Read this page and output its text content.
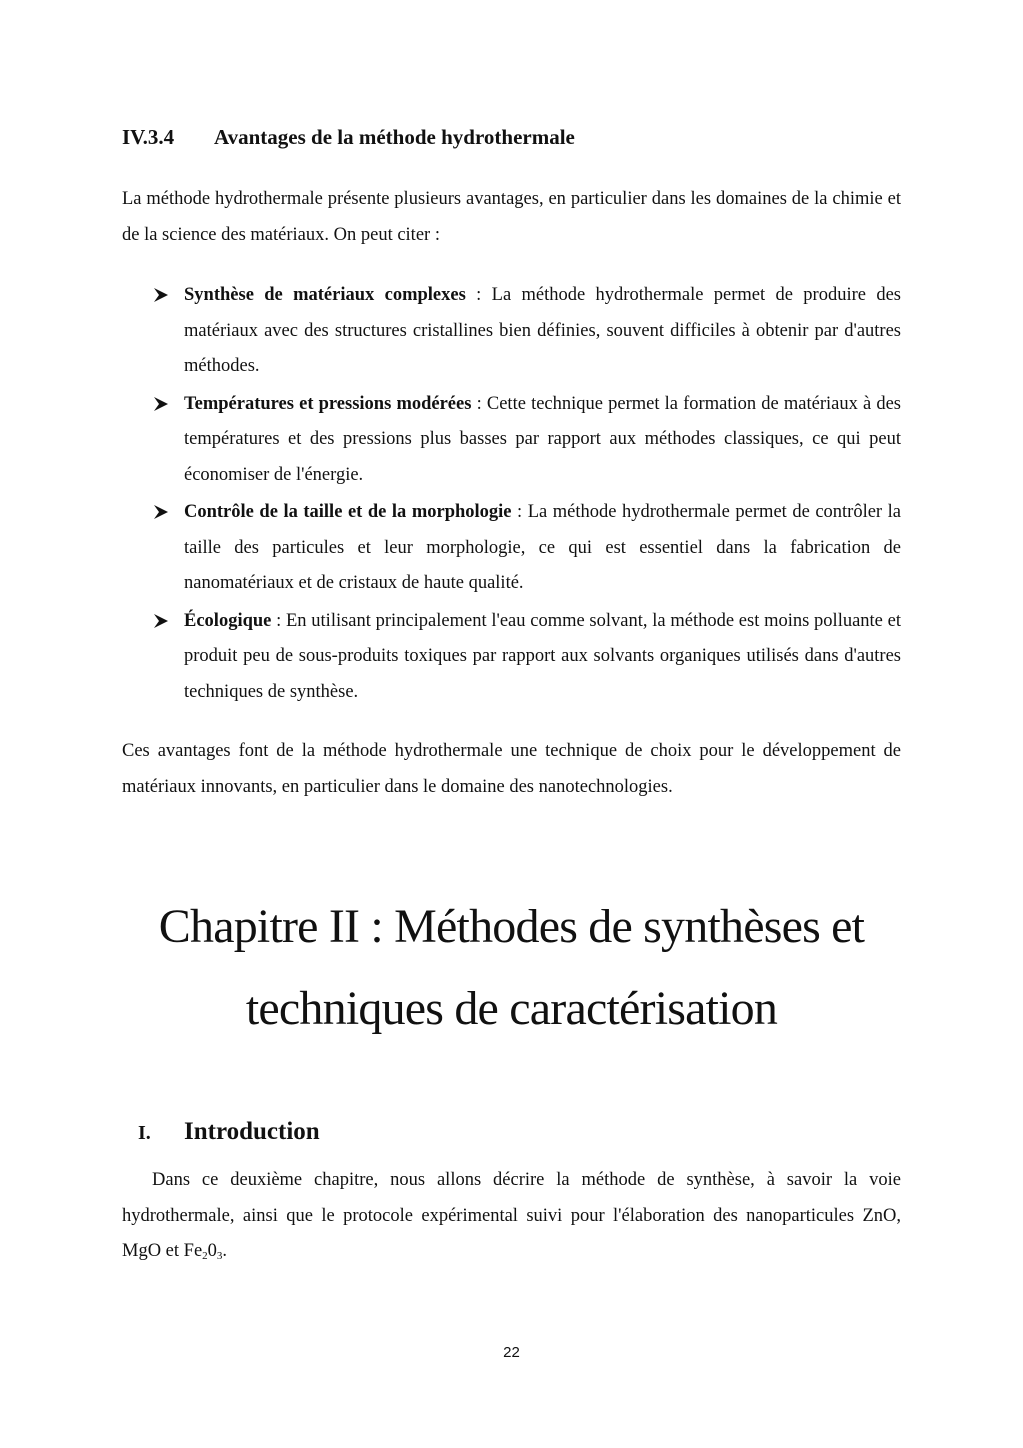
IV.3.4 Avantages de la méthode hydrothermale

La méthode hydrothermale présente plusieurs avantages, en particulier dans les domaines de la chimie et de la science des matériaux. On peut citer :

Synthèse de matériaux complexes : La méthode hydrothermale permet de produire des matériaux avec des structures cristallines bien définies, souvent difficiles à obtenir par d'autres méthodes.
Températures et pressions modérées : Cette technique permet la formation de matériaux à des températures et des pressions plus basses par rapport aux méthodes classiques, ce qui peut économiser de l'énergie.
Contrôle de la taille et de la morphologie : La méthode hydrothermale permet de contrôler la taille des particules et leur morphologie, ce qui est essentiel dans la fabrication de nanomatériaux et de cristaux de haute qualité.
Écologique : En utilisant principalement l'eau comme solvant, la méthode est moins polluante et produit peu de sous-produits toxiques par rapport aux solvants organiques utilisés dans d'autres techniques de synthèse.

Ces avantages font de la méthode hydrothermale une technique de choix pour le développement de matériaux innovants, en particulier dans le domaine des nanotechnologies.

Chapitre II : Méthodes de synthèses et
techniques de caractérisation
I. Introduction

Dans ce deuxième chapitre, nous allons décrire la méthode de synthèse, à savoir la voie hydrothermale, ainsi que le protocole expérimental suivi pour l'élaboration des nanoparticules ZnO, MgO et $Fe_20_3$.

22
